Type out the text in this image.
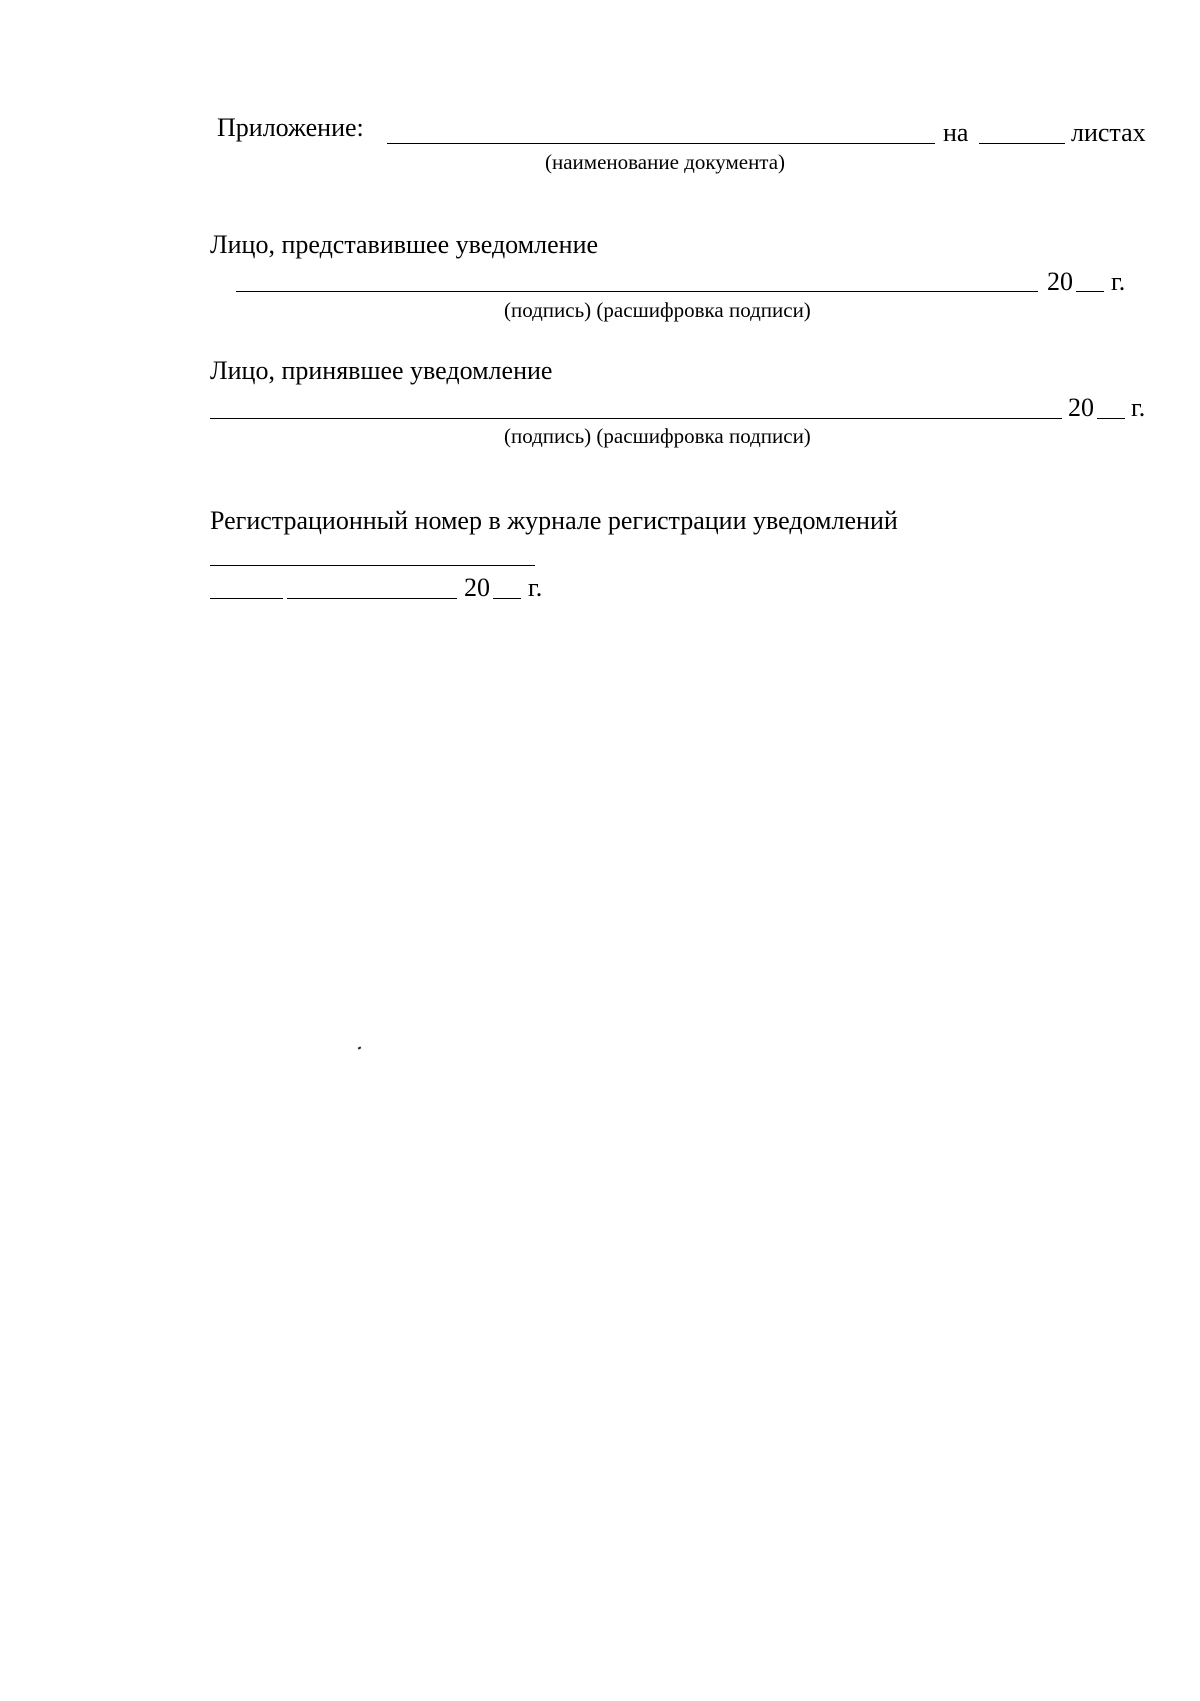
Приложение:	на	листах
(наименование документа)
Лицо, представившее уведомление
20 г.
(подпись) (расшифровка подписи)
Лицо, принявшее уведомление
20 г.
(подпись) (расшифровка подписи)
Регистрационный номер в журнале регистрации уведомлений
20 г.
